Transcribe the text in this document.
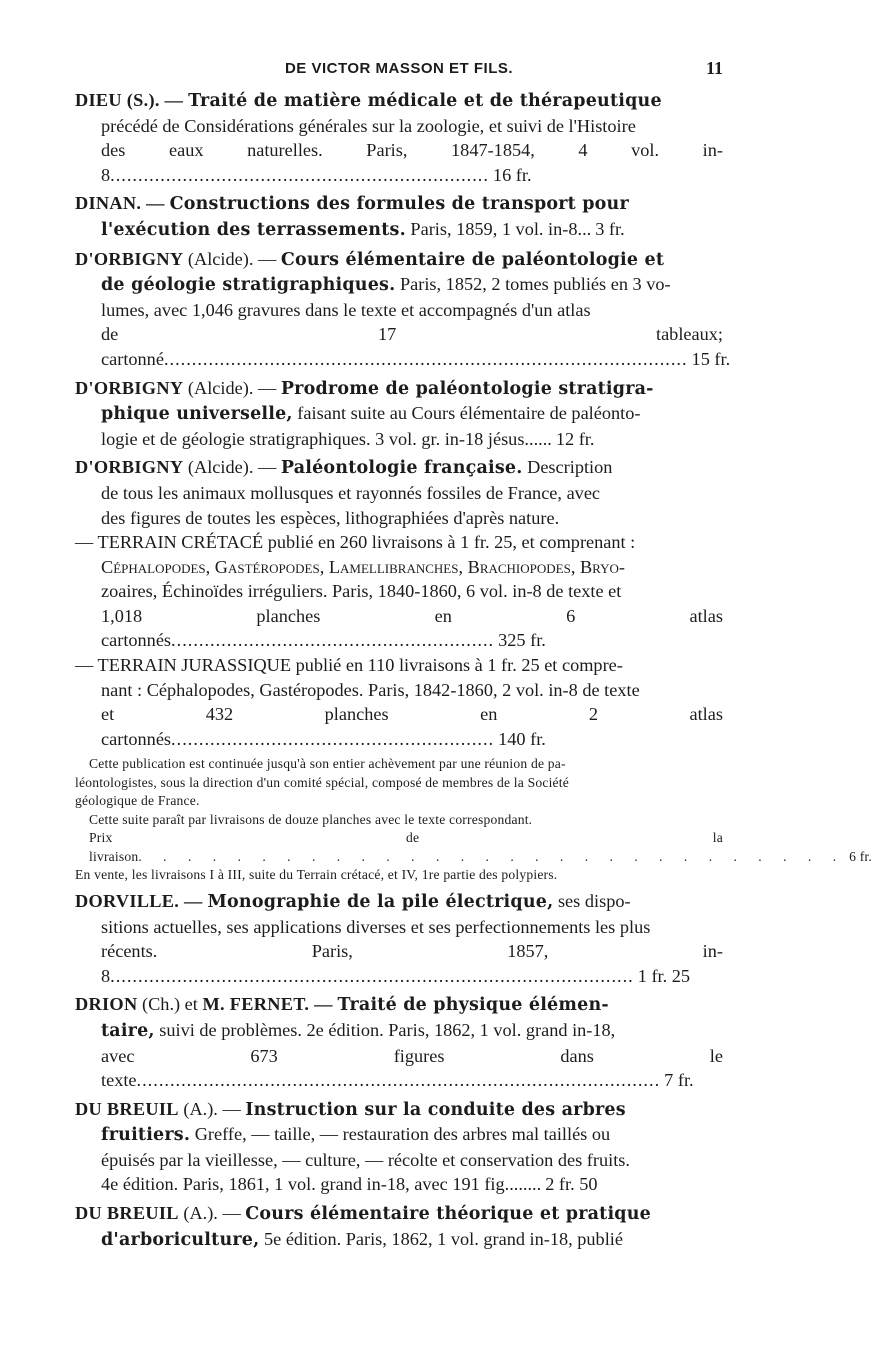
DE VICTOR MASSON ET FILS.	11
DIEU (S.). — Traité de matière médicale et de thérapeutique
précédé de Considérations générales sur la zoologie, et suivi de l'Histoire
des eaux naturelles. Paris, 1847-1854, 4 vol. in-8.................................................................... 16 fr.
DINAN. — Constructions des formules de transport pour
l'exécution des terrassements. Paris, 1859, 1 vol. in-8... 3 fr.
D'ORBIGNY (Alcide). — Cours élémentaire de paléontologie et
de géologie stratigraphiques. Paris, 1852, 2 tomes publiés en 3 vo-
lumes, avec 1,046 gravures dans le texte et accompagnés d'un atlas
de 17 tableaux; cartonné.............................................................................................. 15 fr.
D'ORBIGNY (Alcide). — Prodrome de paléontologie stratigra-
phique universelle, faisant suite au Cours élémentaire de paléonto-
logie et de géologie stratigraphiques. 3 vol. gr. in-18 jésus...... 12 fr.
D'ORBIGNY (Alcide). — Paléontologie française. Description
de tous les animaux mollusques et rayonnés fossiles de France, avec
des figures de toutes les espèces, lithographiées d'après nature.
— TERRAIN CRÉTACÉ publié en 260 livraisons à 1 fr. 25, et comprenant :
Céphalopodes, Gastéropodes, Lamellibranches, Brachiopodes, Bryo-
zoaires, Échinoïdes irréguliers. Paris, 1840-1860, 6 vol. in-8 de texte et
1,018 planches en 6 atlas cartonnés.......................................................... 325 fr.
— TERRAIN JURASSIQUE publié en 110 livraisons à 1 fr. 25 et compre-
nant : Céphalopodes, Gastéropodes. Paris, 1842-1860, 2 vol. in-8 de texte
et 432 planches en 2 atlas cartonnés.......................................................... 140 fr.
Cette publication est continuée jusqu'à son entier achèvement par une réunion de pa-
léontologistes, sous la direction d'un comité spécial, composé de membres de la Société
géologique de France.
Cette suite paraît par livraisons de douze planches avec le texte correspondant.
Prix de la livraison. . . . . . . . . . . . . . . . . . . . . . . . . . . . . 6 fr.
En vente, les livraisons I à III, suite du Terrain crétacé, et IV, 1re partie des polypiers.
DORVILLE. — Monographie de la pile électrique, ses dispo-
sitions actuelles, ses applications diverses et ses perfectionnements les plus
récents. Paris, 1857, in-8.............................................................................................. 1 fr. 25
DRION (Ch.) et M. FERNET. — Traité de physique élémen-
taire, suivi de problèmes. 2e édition. Paris, 1862, 1 vol. grand in-18,
avec 673 figures dans le texte.............................................................................................. 7 fr.
DU BREUIL (A.). — Instruction sur la conduite des arbres
fruitiers. Greffe, — taille, — restauration des arbres mal taillés ou
épuisés par la vieillesse, — culture, — récolte et conservation des fruits.
4e édition. Paris, 1861, 1 vol. grand in-18, avec 191 fig........ 2 fr. 50
DU BREUIL (A.). — Cours élémentaire théorique et pratique
d'arboriculture, 5e édition. Paris, 1862, 1 vol. grand in-18, publié
